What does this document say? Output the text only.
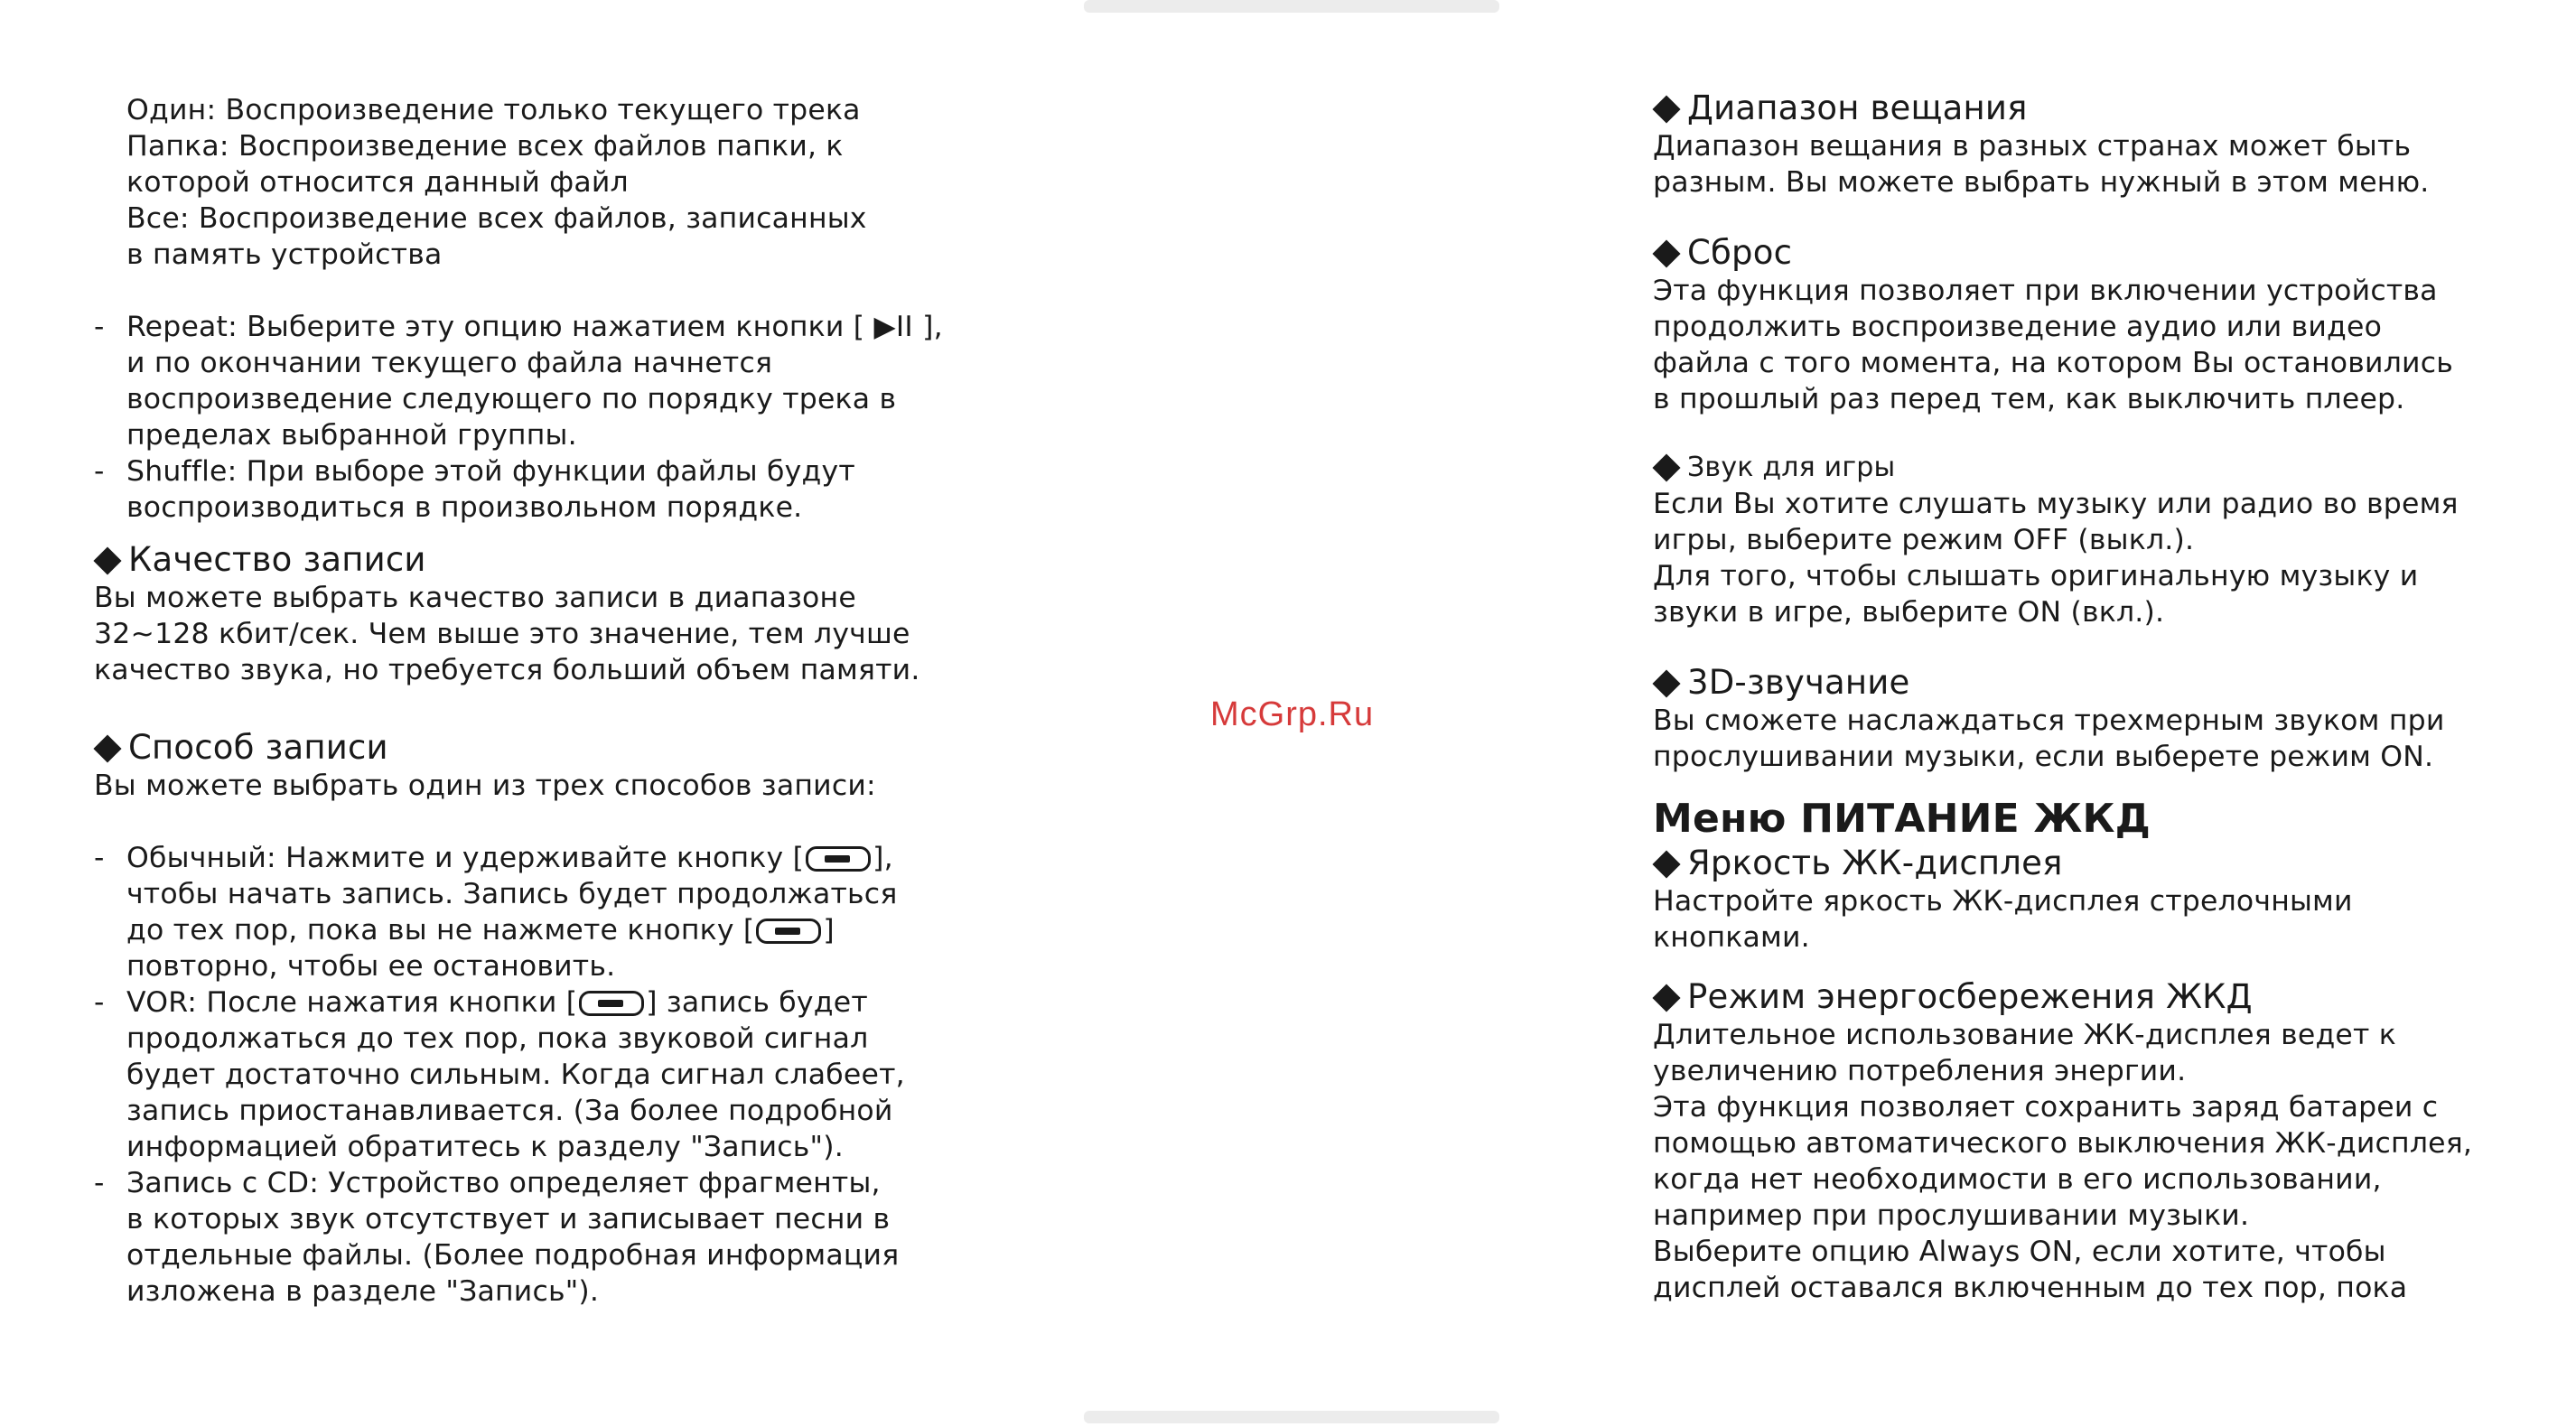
Один: Воспроизведение только текущего трека
Папка: Воспроизведение всех файлов папки, к
которой относится данный файл
Все: Воспроизведение всех файлов, записанных
в память устройства
- Repeat: Выберите эту опцию нажатием кнопки [ ▶II ],
и по окончании текущего файла начнется
воспроизведение следующего по порядку трека в
пределах выбранной группы.
- Shuffle: При выборе этой функции файлы будут
воспроизводиться в произвольном порядке.
Качество записи
Вы можете выбрать качество записи в диапазоне
32~128 кбит/сек. Чем выше это значение, тем лучше
качество звука, но требуется больший объем памяти.
Способ записи
Вы можете выбрать один из трех способов записи:
- Обычный: Нажмите и удерживайте кнопку [ ],
чтобы начать запись. Запись будет продолжаться
до тех пор, пока вы не нажмете кнопку [ ]
повторно, чтобы ее остановить.
- VOR: После нажатия кнопки [ ] запись будет
продолжаться до тех пор, пока звуковой сигнал
будет достаточно сильным. Когда сигнал слабеет,
запись приостанавливается. (За более подробной
информацией обратитесь к разделу "Запись").
- Запись с CD: Устройство определяет фрагменты,
в которых звук отсутствует и записывает песни в
отдельные файлы. (Более подробная информация
изложена в разделе "Запись").
McGrp.Ru
Диапазон вещания
Диапазон вещания в разных странах может быть
разным. Вы можете выбрать нужный в этом меню.
Сброс
Эта функция позволяет при включении устройства
продолжить воспроизведение аудио или видео
файла с того момента, на котором Вы остановились
в прошлый раз перед тем, как выключить плеер.
Звук для игры
Если Вы хотите слушать музыку или радио во время
игры, выберите режим OFF (выкл.).
Для того, чтобы слышать оригинальную музыку и
звуки в игре, выберите ON (вкл.).
3D-звучание
Вы сможете наслаждаться трехмерным звуком при
прослушивании музыки, если выберете режим ON.
Меню ПИТАНИЕ ЖКД
Яркость ЖК-дисплея
Настройте яркость ЖК-дисплея стрелочными
кнопками.
Режим энергосбережения ЖКД
Длительное использование ЖК-дисплея ведет к
увеличению потребления энергии.
Эта функция позволяет сохранить заряд батареи с
помощью автоматического выключения ЖК-дисплея,
когда нет необходимости в его использовании,
например при прослушивании музыки.
Выберите опцию Always ON, если хотите, чтобы
дисплей оставался включенным до тех пор, пока
